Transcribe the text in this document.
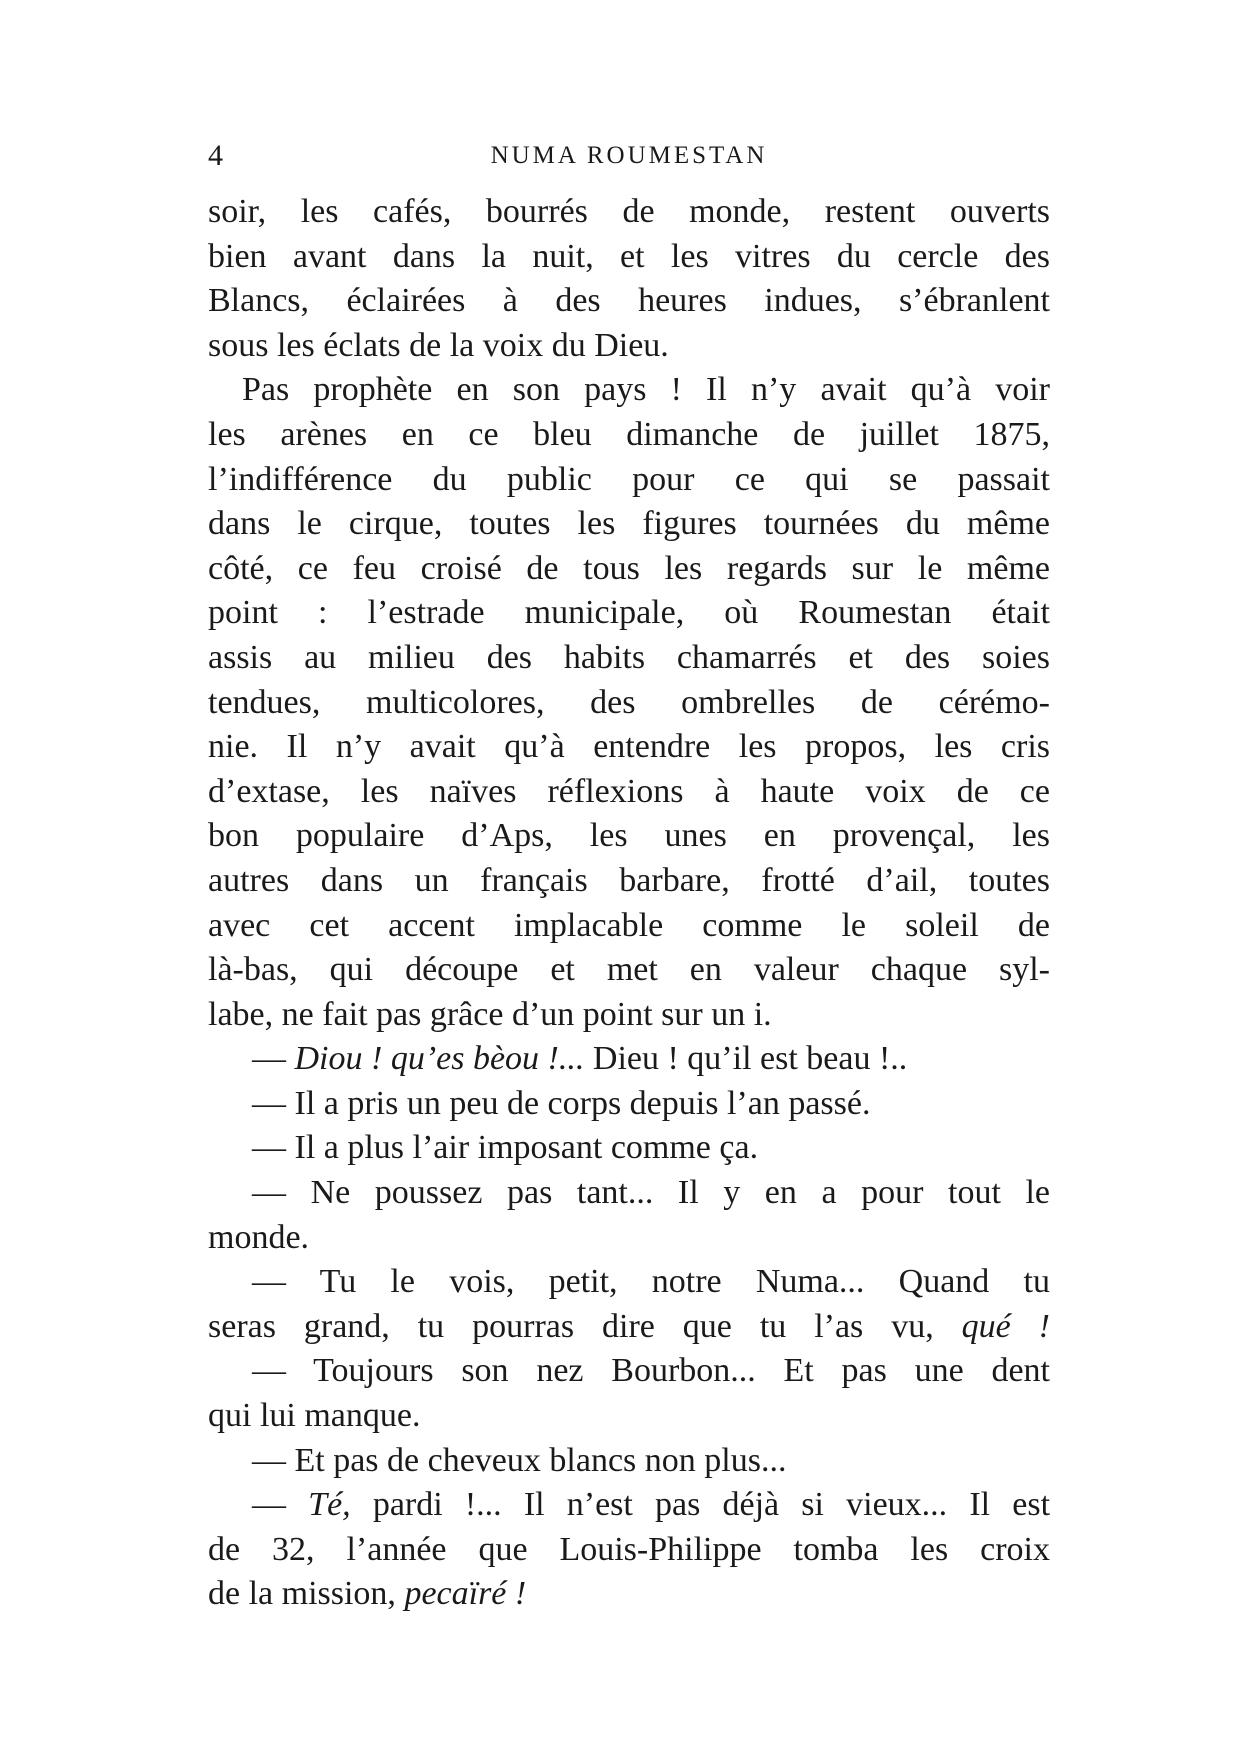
4	NUMA ROUMESTAN
soir, les cafés, bourrés de monde, restent ouverts
bien avant dans la nuit, et les vitres du cercle des
Blancs, éclairées à des heures indues, s’ébranlent
sous les éclats de la voix du Dieu.
Pas prophète en son pays ! Il n’y avait qu’à voir
les arènes en ce bleu dimanche de juillet 1875,
l’indifférence du public pour ce qui se passait
dans le cirque, toutes les figures tournées du même
côté, ce feu croisé de tous les regards sur le même
point : l’estrade municipale, où Roumestan était
assis au milieu des habits chamarrés et des soies
tendues, multicolores, des ombrelles de cérémo-
nie. Il n’y avait qu’à entendre les propos, les cris
d’extase, les naïves réflexions à haute voix de ce
bon populaire d’Aps, les unes en provençal, les
autres dans un français barbare, frotté d’ail, toutes
avec cet accent implacable comme le soleil de
là-bas, qui découpe et met en valeur chaque syl-
labe, ne fait pas grâce d’un point sur un i.
— Diou ! qu’es bèou !... Dieu ! qu’il est beau !..
— Il a pris un peu de corps depuis l’an passé.
— Il a plus l’air imposant comme ça.
— Ne poussez pas tant... Il y en a pour tout le
monde.
— Tu le vois, petit, notre Numa... Quand tu
seras grand, tu pourras dire que tu l’as vu, qué !
— Toujours son nez Bourbon... Et pas une dent
qui lui manque.
— Et pas de cheveux blancs non plus...
— Té, pardi !... Il n’est pas déjà si vieux... Il est
de 32, l’année que Louis-Philippe tomba les croix
de la mission, pecaïré !
